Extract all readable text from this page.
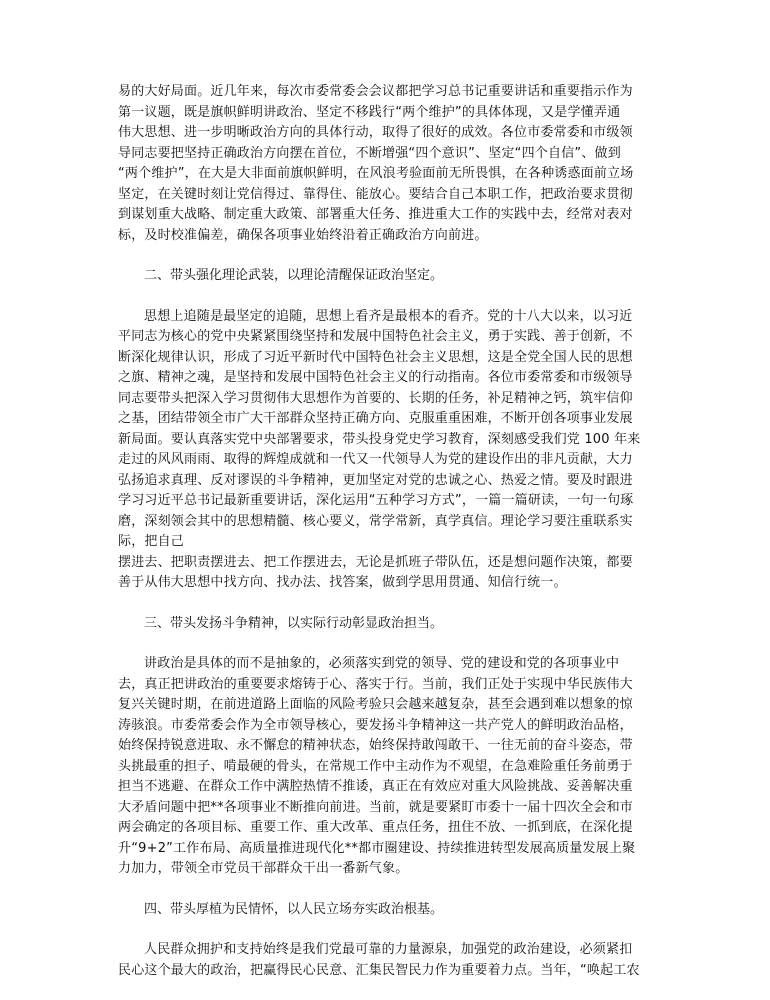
易的大好局面。近几年来，每次市委常委会会议都把学习总书记重要讲话和重要指示作为
第一议题，既是旗帜鲜明讲政治、坚定不移践行“两个维护”的具体体现，又是学懂弄通
伟大思想、进一步明晰政治方向的具体行动，取得了很好的成效。各位市委常委和市级领
导同志要把坚持正确政治方向摆在首位，不断增强“四个意识”、坚定“四个自信”、做到
“两个维护”，在大是大非面前旗帜鲜明，在风浪考验面前无所畏惧，在各种诱惑面前立场
坚定，在关键时刻让党信得过、靠得住、能放心。要结合自己本职工作，把政治要求贯彻
到谋划重大战略、制定重大政策、部署重大任务、推进重大工作的实践中去，经常对表对
标，及时校准偏差，确保各项事业始终沿着正确政治方向前进。
二、带头强化理论武装，以理论清醒保证政治坚定。
思想上追随是最坚定的追随，思想上看齐是最根本的看齐。党的十八大以来，以习近
平同志为核心的党中央紧紧围绕坚持和发展中国特色社会主义，勇于实践、善于创新，不
断深化规律认识，形成了习近平新时代中国特色社会主义思想，这是全党全国人民的思想
之旗、精神之魂，是坚持和发展中国特色社会主义的行动指南。各位市委常委和市级领导
同志要带头把深入学习贯彻伟大思想作为首要的、长期的任务，补足精神之钙，筑牢信仰
之基，团结带领全市广大干部群众坚持正确方向、克服重重困难，不断开创各项事业发展
新局面。要认真落实党中央部署要求，带头投身党史学习教育，深刻感受我们党 100 年来
走过的风风雨雨、取得的辉煌成就和一代又一代领导人为党的建设作出的非凡贡献，大力
弘扬追求真理、反对谬误的斗争精神，更加坚定对党的忠诚之心、热爱之情。要及时跟进
学习习近平总书记最新重要讲话，深化运用“五种学习方式”，一篇一篇研读，一句一句琢
磨，深刻领会其中的思想精髓、核心要义，常学常新，真学真信。理论学习要注重联系实
际，把自己
摆进去、把职责摆进去、把工作摆进去，无论是抓班子带队伍，还是想问题作决策，都要
善于从伟大思想中找方向、找办法、找答案，做到学思用贯通、知信行统一。
三、带头发扬斗争精神，以实际行动彰显政治担当。
讲政治是具体的而不是抽象的，必须落实到党的领导、党的建设和党的各项事业中
去，真正把讲政治的重要要求熔铸于心、落实于行。当前，我们正处于实现中华民族伟大
复兴关键时期，在前进道路上面临的风险考验只会越来越复杂，甚至会遇到难以想象的惊
涛骇浪。市委常委会作为全市领导核心，要发扬斗争精神这一共产党人的鲜明政治品格，
始终保持锐意进取、永不懈怠的精神状态，始终保持敢闯敢干、一往无前的奋斗姿态，带
头挑最重的担子、啃最硬的骨头，在常规工作中主动作为不观望，在急难险重任务前勇于
担当不逃避、在群众工作中满腔热情不推诿，真正在有效应对重大风险挑战、妥善解决重
大矛盾问题中把**各项事业不断推向前进。当前，就是要紧盯市委十一届十四次全会和市
两会确定的各项目标、重要工作、重大改革、重点任务，扭住不放、一抓到底，在深化提
升“9+2”工作布局、高质量推进现代化**都市圈建设、持续推进转型发展高质量发展上聚
力加力，带领全市党员干部群众干出一番新气象。
四、带头厚植为民情怀，以人民立场夯实政治根基。
人民群众拥护和支持始终是我们党最可靠的力量源泉，加强党的政治建设，必须紧扣
民心这个最大的政治，把赢得民心民意、汇集民智民力作为重要着力点。当年，“唤起工农
